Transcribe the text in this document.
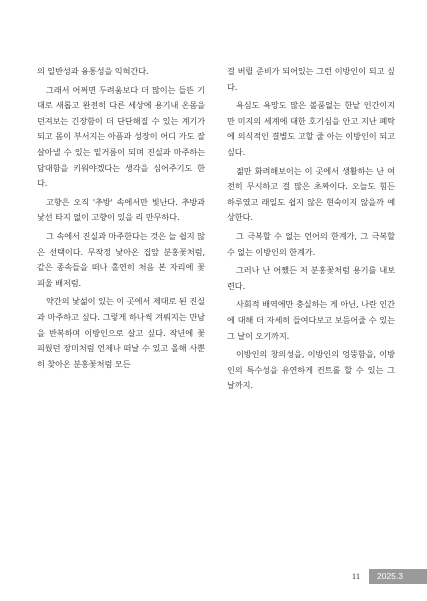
의 일반성과 융통성을 익혀간다.

그래서 어쩌면 두려움보다 더 많이는 들뜬 기대로 새롭고 완전히 다른 세상에 용기내 온몸을 던져보는 긴장함이 더 단단해질 수 있는 계기가 되고 몸이 부서지는 아픔과 성장이 어디 가도 잘 살아낼 수 있는 밑거름이 되며 진실과 마주하는 담대함을 키워야겠다는 생각을 심어주기도 한다.

고향은 오직 '추방' 속에서만 빛난다. 추방과 낯선 타지 없이 고향이 있을 리 만무하다.

그 속에서 진실과 마주한다는 것은 늘 쉽지 않은 선택이다. 무작정 낯아온 집앞 분홍꽃처럼, 같은 종속들을 떠나 홀연히 처음 본 자리에 꽃 피울 배저럼.

약간의 낯섦이 있는 이 곳에서 제대로 된 진실과 마주하고 싶다. 그렇게 하나씩 겨뤄지는 만남을 반복하며 이방인으로 살고 싶다. 작년에 꽃 피웠던 장미처럼 언제나 떠날 수 있고 올해 사뿐히 찾아온 분홍꽃처럼 모든

걸 버릴 준비가 되어있는 그런 이방인이 되고 싶다.

욕심도 욕망도 많은 볼품없는 한낱 인간이지만 미지의 세계에 대한 호기심을 안고 지난 폐탁에 의식적인 결별도 고할 줄 아는 이방인이 되고 싶다.

젊만 화려해보이는 이 곳에서 생활하는 난 여전히 무시하고 걸 많은 초짜이다. 오늘도 힘든 하루였고 래일도 쉽지 않은 현숙이지 않을까 예상한다.

그 극복할 수 없는 언어의 한계가, 그 극복할 수 없는 이방인의 한계가.

그러나 난 어쨌든 저 분홍꽃처럼 용기를 내보련다.

사회적 배역에만 충실하는 게 아닌, 나란 인간에 대해 더 자세히 들여다보고 보듬어줄 수 있는 그 날이 오기까지.

이방인의 창의성을, 이방인의 엉뚱함을, 이방인의 특수성을 유연하게 컨트롤 할 수 있는 그 날까지.

11	2025.3
